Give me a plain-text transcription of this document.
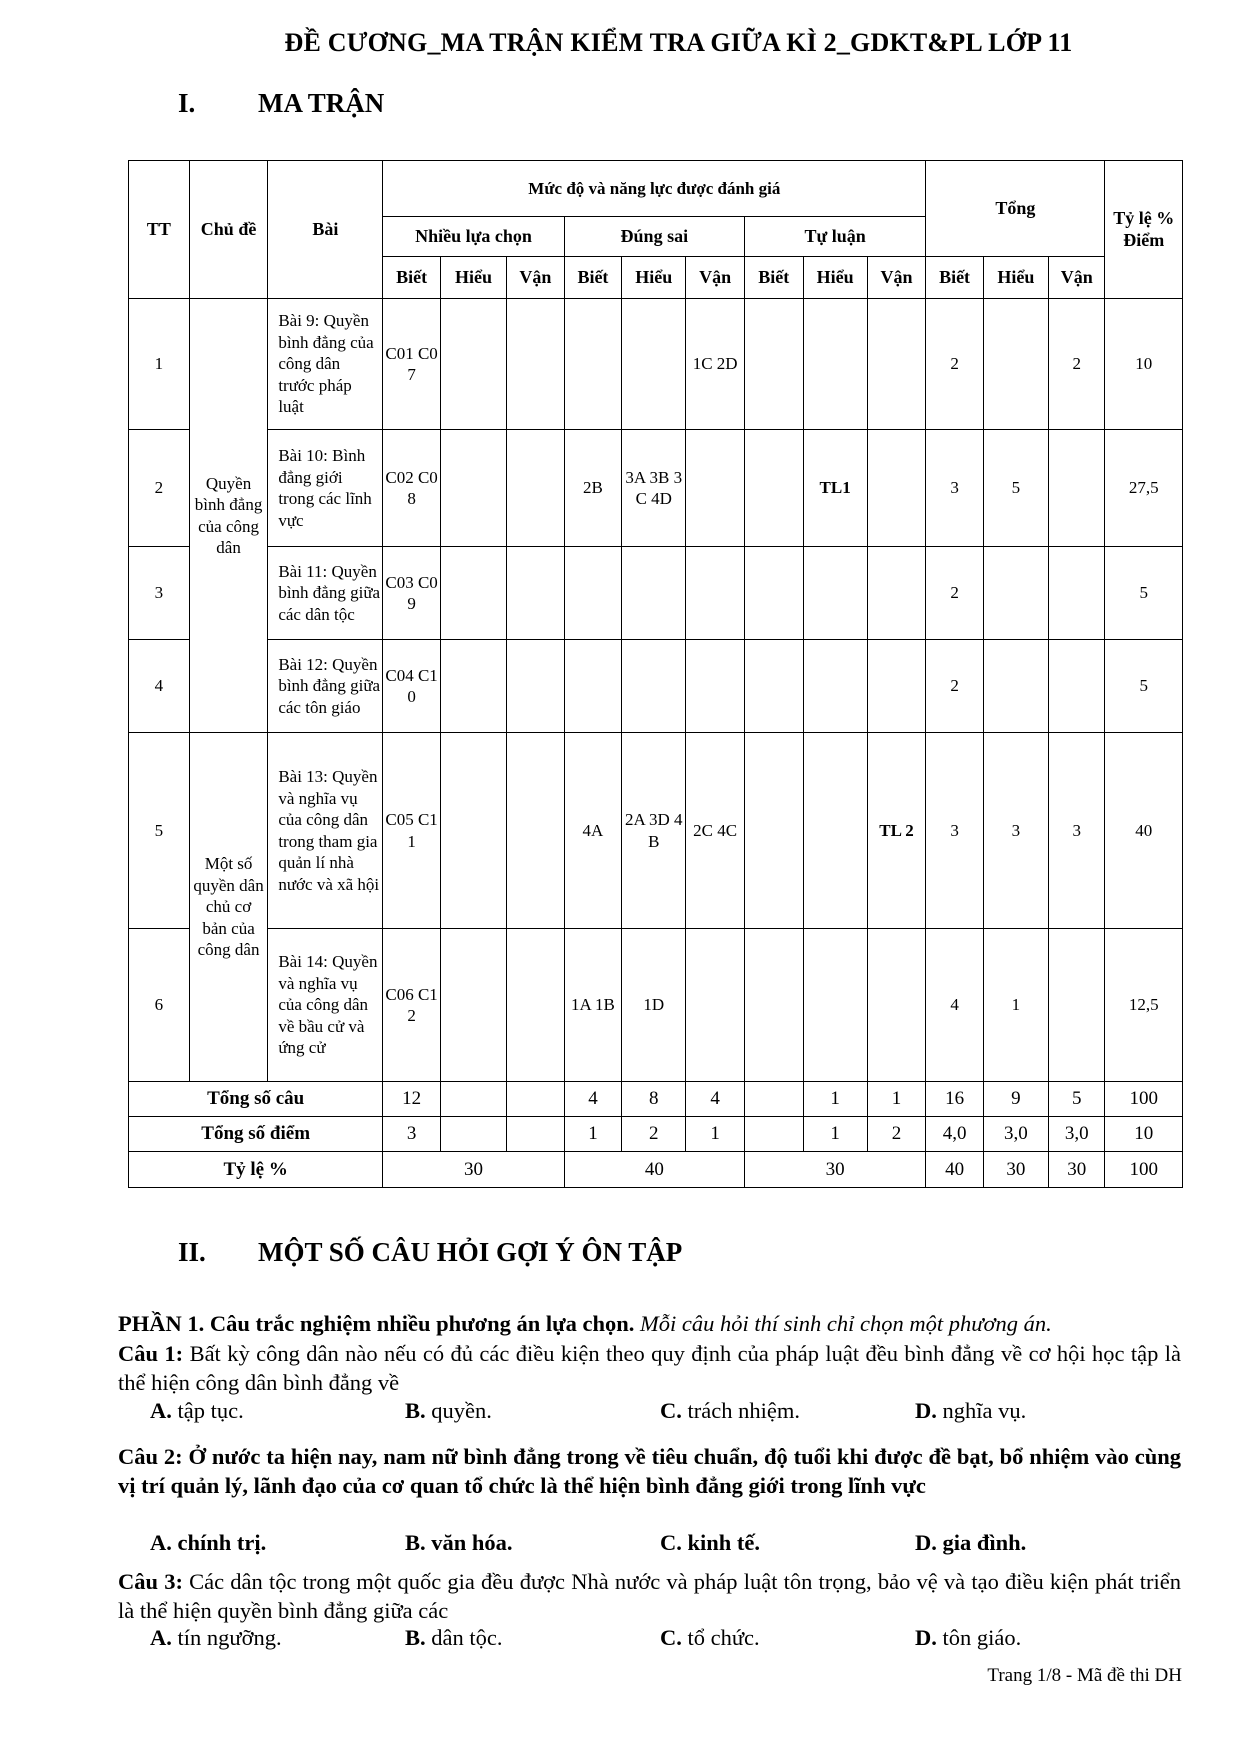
ĐỀ CƯƠNG_MA TRẬN KIỂM TRA GIỮA KÌ 2_GDKT&PL LỚP 11
I. MA TRẬN
TT	Chủ đề	Bài	Mức độ và năng lực được đánh giá									Tổng			Tỷ lệ % Điểm
			Nhiều lựa chọn			Đúng sai			Tự luận						
			Biết	Hiểu	Vận	Biết	Hiểu	Vận	Biết	Hiểu	Vận	Biết	Hiểu	Vận	
1	Quyền bình đẳng của công dân	Bài 9: Quyền bình đẳng của công dân trước pháp luật	C01 C07					1C 2D				2		2	10
2		Bài 10: Bình đẳng giới trong các lĩnh vực	C02 C08			2B	3A 3B 3C 4D			TL1		3	5		27,5
3		Bài 11: Quyền bình đẳng giữa các dân tộc	C03 C09									2			5
4		Bài 12: Quyền bình đẳng giữa các tôn giáo	C04 C10									2			5
5	Một số quyền dân chủ cơ bản của công dân	Bài 13: Quyền và nghĩa vụ của công dân trong tham gia quản lí nhà nước và xã hội	C05 C11			4A	2A 3D 4B	2C 4C			TL 2	3	3	3	40
6		Bài 14: Quyền và nghĩa vụ của công dân về bầu cử và ứng cử	C06 C12			1A 1B	1D					4	1		12,5
Tổng số câu			12			4	8	4		1	1	16	9	5	100
Tổng số điểm			3			1	2	1		1	2	4,0	3,0	3,0	10
Tỷ lệ %			30			40			30			40	30	30	100
II. MỘT SỐ CÂU HỎI GỢI Ý ÔN TẬP
PHẦN 1. Câu trắc nghiệm nhiều phương án lựa chọn. Mỗi câu hỏi thí sinh chỉ chọn một phương án.
Câu 1: Bất kỳ công dân nào nếu có đủ các điều kiện theo quy định của pháp luật đều bình đẳng về cơ hội học tập là thể hiện công dân bình đẳng về
A. tập tục.	B. quyền.	C. trách nhiệm.	D. nghĩa vụ.
Câu 2: Ở nước ta hiện nay, nam nữ bình đẳng trong về tiêu chuẩn, độ tuổi khi được đề bạt, bổ nhiệm vào cùng vị trí quản lý, lãnh đạo của cơ quan tổ chức là thể hiện bình đẳng giới trong lĩnh vực
A. chính trị.	B. văn hóa.	C. kinh tế.	D. gia đình.
Câu 3: Các dân tộc trong một quốc gia đều được Nhà nước và pháp luật tôn trọng, bảo vệ và tạo điều kiện phát triển là thể hiện quyền bình đẳng giữa các
A. tín ngưỡng.	B. dân tộc.	C. tổ chức.	D. tôn giáo.
Trang 1/8 - Mã đề thi DH
